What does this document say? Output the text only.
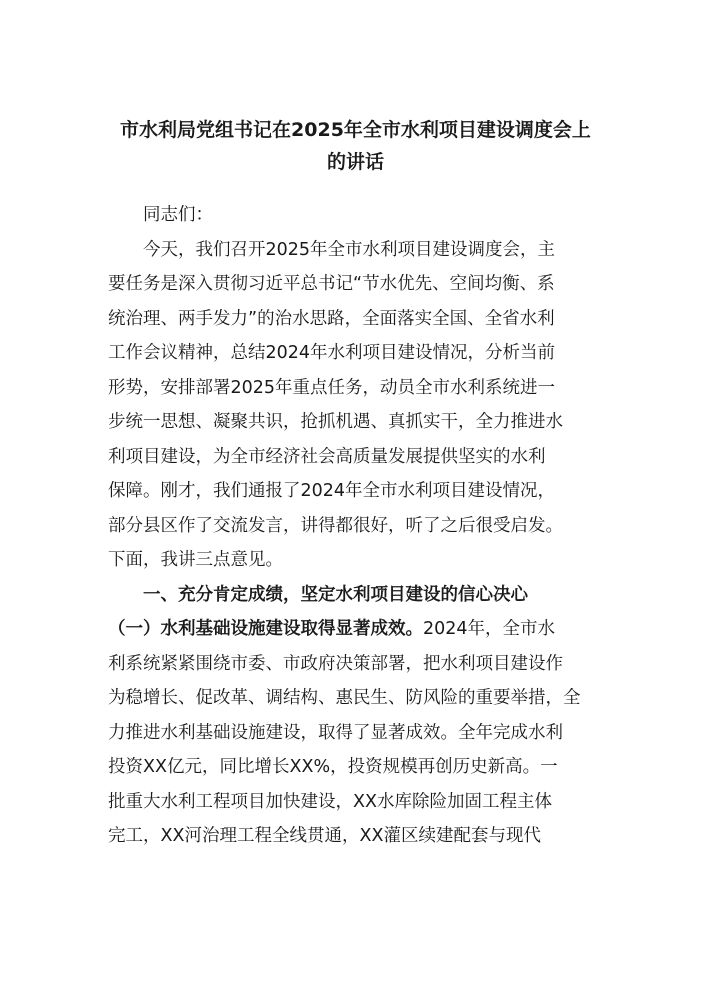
市水利局党组书记在2025年全市水利项目建设调度会上
的讲话

同志们：

今天，我们召开2025年全市水利项目建设调度会，主
要任务是深入贯彻习近平总书记“节水优先、空间均衡、系
统治理、两手发力”的治水思路，全面落实全国、全省水利
工作会议精神，总结2024年水利项目建设情况，分析当前
形势，安排部署2025年重点任务，动员全市水利系统进一
步统一思想、凝聚共识，抢抓机遇、真抓实干，全力推进水
利项目建设，为全市经济社会高质量发展提供坚实的水利
保障。刚才，我们通报了2024年全市水利项目建设情况，
部分县区作了交流发言，讲得都很好，听了之后很受启发。
下面，我讲三点意见。

一、充分肯定成绩，坚定水利项目建设的信心决心

（一）水利基础设施建设取得显著成效。2024年，全市水
利系统紧紧围绕市委、市政府决策部署，把水利项目建设作
为稳增长、促改革、调结构、惠民生、防风险的重要举措，全
力推进水利基础设施建设，取得了显著成效。全年完成水利
投资XX亿元，同比增长XX%，投资规模再创历史新高。一
批重大水利工程项目加快建设，XX水库除险加固工程主体
完工，XX河治理工程全线贯通，XX灌区续建配套与现代
